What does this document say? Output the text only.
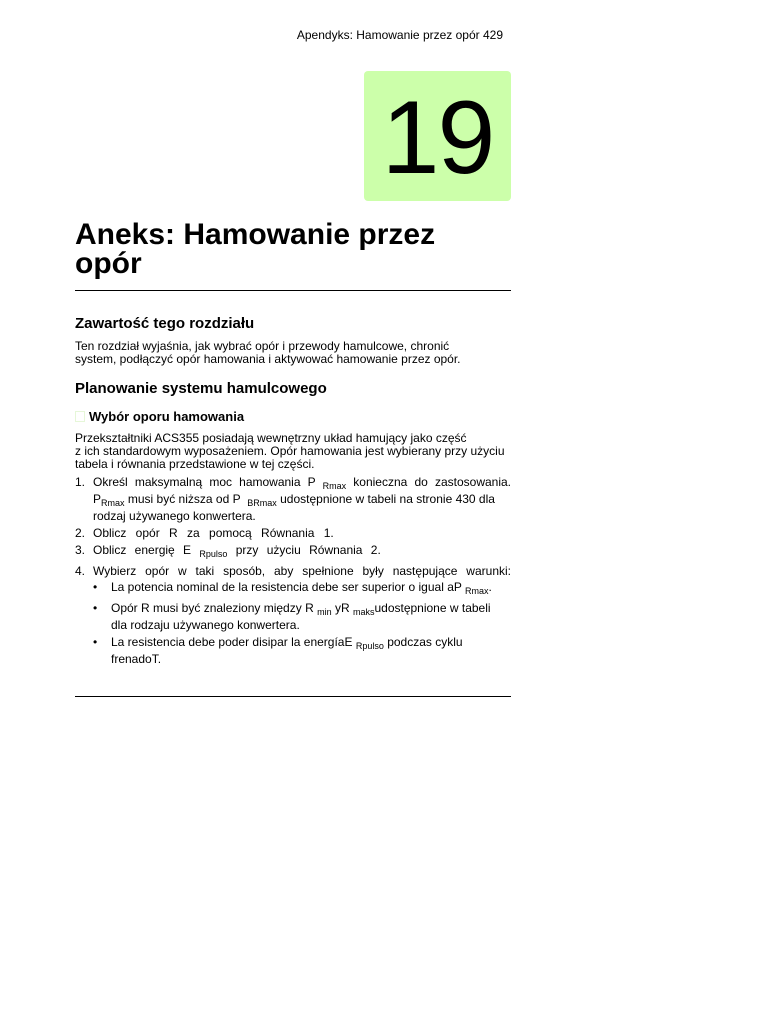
Apendyks: Hamowanie przez opór 429
19
Aneks: Hamowanie przez
opór
Zawartość tego rozdziału

Ten rozdział wyjaśnia, jak wybrać opór i przewody hamulcowe, chronić
system, podłączyć opór hamowania i aktywować hamowanie przez opór.

Planowanie systemu hamulcowego
Wybór oporu hamowania

Przekształtniki ACS355 posiadają wewnętrzny układ hamujący jako część
z ich standardowym wyposażeniem. Opór hamowania jest wybierany przy użyciu
tabela i równania przedstawione w tej części.

1. Określ maksymalną moc hamowania P $_{Rmax}$ konieczna do zastosowania.
$P_{Rmax}$ musi być niższa od P $_{BRmax}$ udostępnione w tabeli na stronie 430 dla
rodzaj używanego konwertera.
2. Oblicz opór R za pomocą Równania 1.
3. Oblicz energię E $_{Rpulso}$ przy użyciu Równania 2.
4. Wybierz opór w taki sposób, aby spełnione były następujące warunki:
• La potencia nominal de la resistencia debe ser superior o igual aP $_{Rmax}$.
• Opór R musi być znaleziony między R $_{min}$ yR $_{maks}$udostępnione w tabeli
dla rodzaju używanego konwertera.
• La resistencia debe poder disipar la energíaE $_{Rpulso}$ podczas cyklu
frenadoT.
